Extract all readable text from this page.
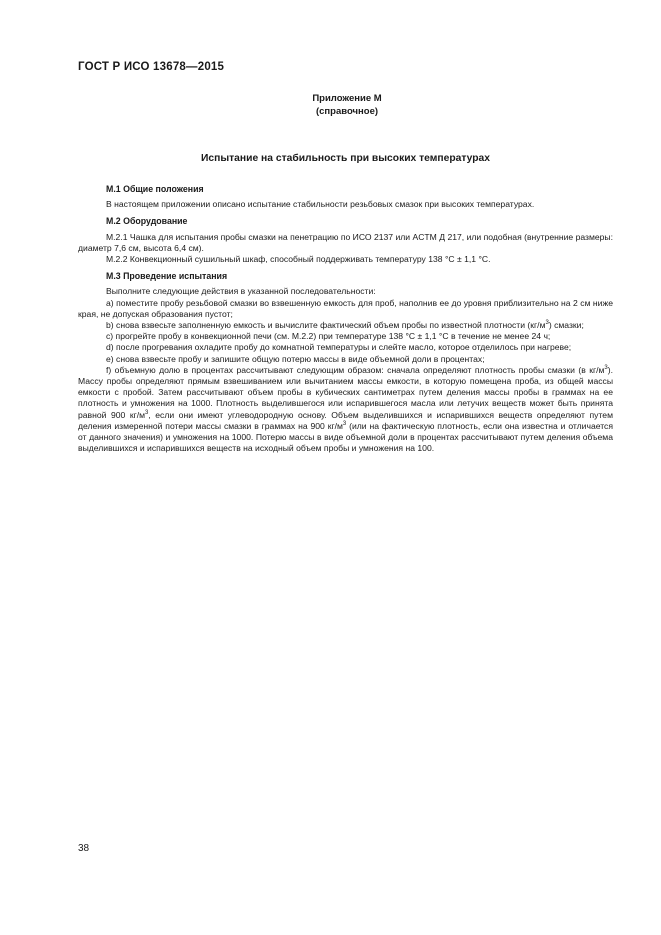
ГОСТ Р ИСО 13678—2015
Приложение М
(справочное)
Испытание на стабильность при высоких температурах
М.1 Общие положения

В настоящем приложении описано испытание стабильности резьбовых смазок при высоких температурах.

М.2 Оборудование

М.2.1 Чашка для испытания пробы смазки на пенетрацию по ИСО 2137 или ACTM Д 217, или подобная (внутренние размеры: диаметр 7,6 см, высота 6,4 см).

М.2.2 Конвекционный сушильный шкаф, способный поддерживать температуру 138 °C ± 1,1 °C.

М.3 Проведение испытания

Выполните следующие действия в указанной последовательности:

а) поместите пробу резьбовой смазки во взвешенную емкость для проб, наполнив ее до уровня приблизительно на 2 см ниже края, не допуская образования пустот;

b) снова взвесьте заполненную емкость и вычислите фактический объем пробы по известной плотности $(кг/м^3)$ смазки;

с) прогрейте пробу в конвекционной печи (см. М.2.2) при температуре 138 °C ± 1,1 °C в течение не менее 24 ч;

d) после прогревания охладите пробу до комнатной температуры и слейте масло, которое отделилось при нагреве;

е) снова взвесьте пробу и запишите общую потерю массы в виде объемной доли в процентах;

f) объемную долю в процентах рассчитывают следующим образом: сначала определяют плотность пробы смазки (в $кг/м^3$). Массу пробы определяют прямым взвешиванием или вычитанием массы емкости, в которую помещена проба, из общей массы емкости с пробой. Затем рассчитывают объем пробы в кубических сантиметрах путем деления массы пробы в граммах на ее плотность и умножения на 1000. Плотность выделившегося или испарившегося масла или летучих веществ может быть принята равной 900 $кг/м^3$, если они имеют углеводородную основу. Объем выделившихся и испарившихся веществ определяют путем деления измеренной потери массы смазки в граммах на 900 $кг/м^3$ (или на фактическую плотность, если она известна и отличается от данного значения) и умножения на 1000. Потерю массы в виде объемной доли в процентах рассчитывают путем деления объема выделившихся и испарившихся веществ на исходный объем пробы и умножения на 100.

38
